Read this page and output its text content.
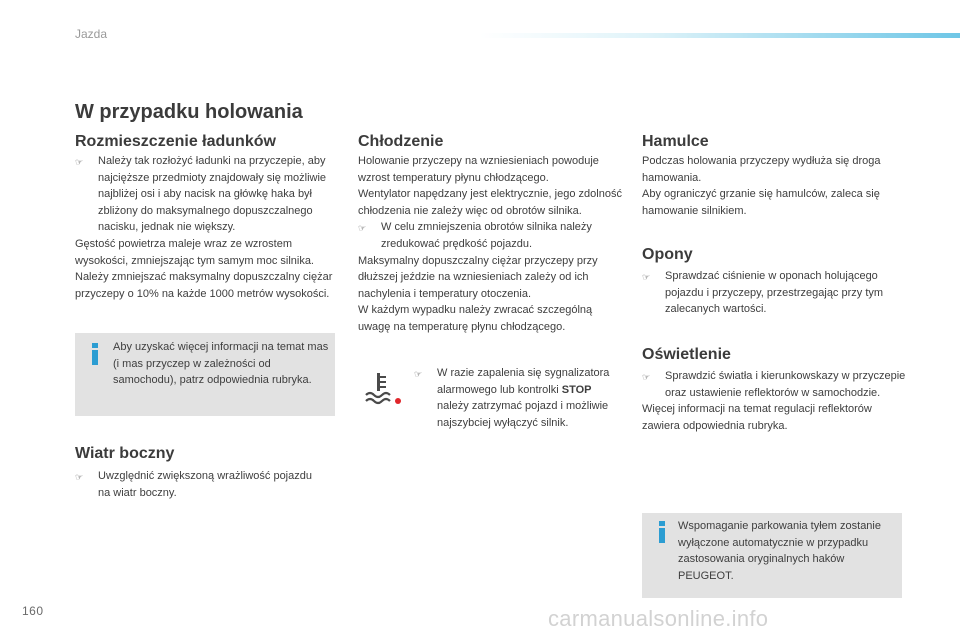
Jazda
W przypadku holowania
Rozmieszczenie ładunków
☞	Należy tak rozłożyć ładunki na przyczepie, aby najcięższe przedmioty znajdowały się możliwie najbliżej osi i aby nacisk na główkę haka był zbliżony do maksymalnego dopuszczalnego nacisku, jednak nie większy.

Gęstość powietrza maleje wraz ze wzrostem wysokości, zmniejszając tym samym moc silnika. Należy zmniejszać maksymalny dopuszczalny ciężar przyczepy o 10% na każde 1000 metrów wysokości.

Aby uzyskać więcej informacji na temat mas (i mas przyczep w zależności od samochodu), patrz odpowiednia rubryka.
Wiatr boczny
☞	Uwzględnić zwiększoną wrażliwość pojazdu na wiatr boczny.
Chłodzenie

Holowanie przyczepy na wzniesieniach powoduje wzrost temperatury płynu chłodzącego.

Wentylator napędzany jest elektrycznie, jego zdolność chłodzenia nie zależy więc od obrotów silnika.

☞	W celu zmniejszenia obrotów silnika należy zredukować prędkość pojazdu.

Maksymalny dopuszczalny ciężar przyczepy przy dłuższej jeździe na wzniesieniach zależy od ich nachylenia i temperatury otoczenia.

W każdym wypadku należy zwracać szczególną uwagę na temperaturę płynu chłodzącego.

☞	W razie zapalenia się sygnalizatora alarmowego lub kontrolki STOP należy zatrzymać pojazd i możliwie najszybciej wyłączyć silnik.
Hamulce

Podczas holowania przyczepy wydłuża się droga hamowania.

Aby ograniczyć grzanie się hamulców, zaleca się hamowanie silnikiem.

Opony
☞	Sprawdzać ciśnienie w oponach holującego pojazdu i przyczepy, przestrzegając przy tym zalecanych wartości.
Oświetlenie
☞	Sprawdzić światła i kierunkowskazy w przyczepie oraz ustawienie reflektorów w samochodzie.

Więcej informacji na temat regulacji reflektorów zawiera odpowiednia rubryka.

Wspomaganie parkowania tyłem zostanie wyłączone automatycznie w przypadku zastosowania oryginalnych haków PEUGEOT.
160	carmanualsonline.info
